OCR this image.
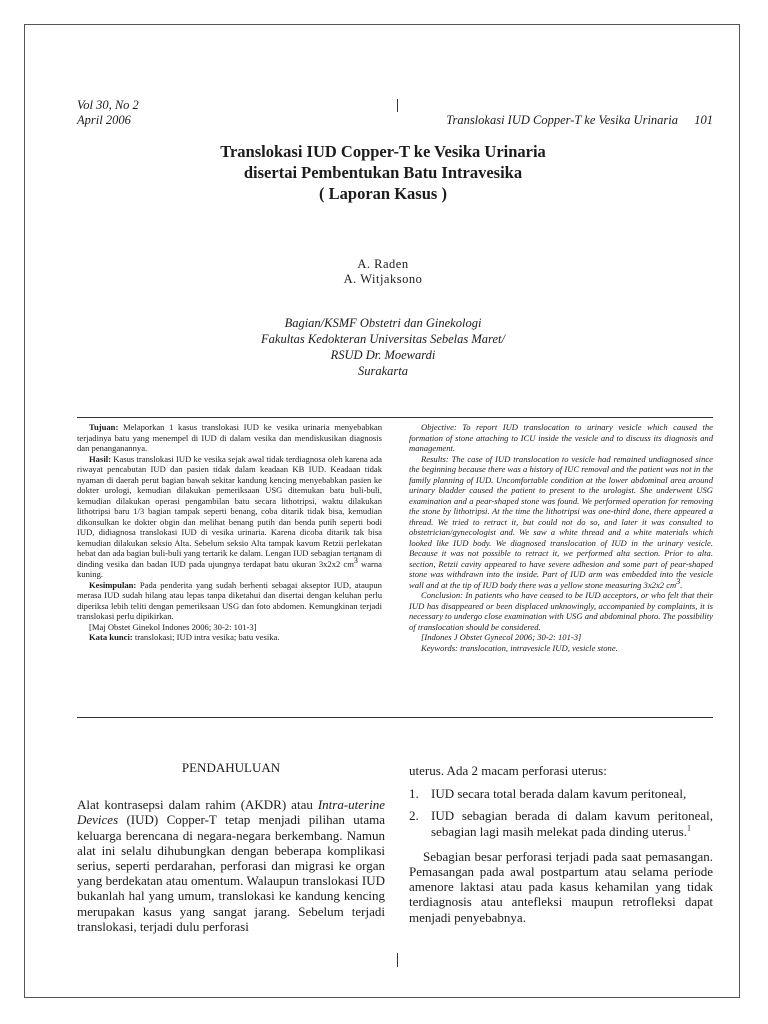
Vol 30, No 2
April 2006	Translokasi IUD Copper-T ke Vesika Urinaria 101
Translokasi IUD Copper-T ke Vesika Urinaria
disertai Pembentukan Batu Intravesika
( Laporan Kasus )
A. Raden
A. Witjaksono
Bagian/KSMF Obstetri dan Ginekologi
Fakultas Kedokteran Universitas Sebelas Maret/
RSUD Dr. Moewardi
Surakarta

Tujuan: Melaporkan 1 kasus translokasi IUD ke vesika urinaria menyebabkan terjadinya batu yang menempel di IUD di dalam vesika dan mendiskusikan diagnosis dan penanganannya.

Hasil: Kasus translokasi IUD ke vesika sejak awal tidak terdiagnosa oleh karena ada riwayat pencabutan IUD dan pasien tidak dalam keadaan KB IUD. Keadaan tidak nyaman di daerah perut bagian bawah sekitar kandung kencing menyebabkan pasien ke dokter urologi, kemudian dilakukan pemeriksaan USG ditemukan batu buli-buli, kemudian dilakukan operasi pengambilan batu secara lithotripsi, waktu dilakukan lithotripsi baru 1/3 bagian tampak seperti benang, coba ditarik tidak bisa, kemudian dikonsulkan ke dokter obgin dan melihat benang putih dan benda putih seperti bodi IUD, didiagnosa translokasi IUD di vesika urinaria. Karena dicoba ditarik tak bisa kemudian dilakukan seksio Alta. Sebelum seksio Alta tampak kavum Retzii perlekatan hebat dan ada bagian buli-buli yang tertarik ke dalam. Lengan IUD sebagian tertanam di dinding vesika dan badan IUD pada ujungnya terdapat batu ukuran 3x2x2 $cm^3$ warna kuning.

Kesimpulan: Pada penderita yang sudah berhenti sebagai akseptor IUD, ataupun merasa IUD sudah hilang atau lepas tanpa diketahui dan disertai dengan keluhan perlu diperiksa lebih teliti dengan pemeriksaan USG dan foto abdomen. Kemungkinan terjadi translokasi perlu dipikirkan.

[Maj Obstet Ginekol Indones 2006; 30-2: 101-3]

Kata kunci: translokasi; IUD intra vesika; batu vesika.

Objective: To report IUD translocation to urinary vesicle which caused the formation of stone attaching to ICU inside the vesicle and to discuss its diagnosis and management.

Results: The case of IUD translocation to vesicle had remained undiagnosed since the beginning because there was a history of IUC removal and the patient was not in the family planning of IUD. Uncomfortable condition at the lower abdominal area around urinary bladder caused the patient to present to the urologist. She underwent USG examination and a pear-shaped stone was found. We performed operation for removing the stone by lithotripsi. At the time the lithotripsi was one-third done, there appeared a thread. We tried to retract it, but could not do so, and later it was consulted to obstetrician/gynecologist and. We saw a white thread and a white materials which looked like IUD body. We diagnosed translocation of IUD in the urinary vesicle. Because it was not possible to retract it, we performed alta section. Prior to alta. section, Retzii cavity appeared to have severe adhesion and some part of pear-shaped stone was withdrawn into the inside. Part of IUD arm was embedded into the vesicle wall and at the tip of IUD body there was a yellow stone measuring 3x2x2 $cm^3$.

Conclusion: In patients who have ceased to be IUD acceptors, or who felt that their IUD has disappeared or been displaced unknowingly, accompanied by complaints, it is necessary to undergo close examination with USG and abdominal photo. The possibility of translocation should be considered.

[Indones J Obstet Gynecol 2006; 30-2: 101-3]

Keywords: translocation, intravesicle IUD, vesicle stone.

PENDAHULUAN

Alat kontrasepsi dalam rahim (AKDR) atau Intra-uterine Devices (IUD) Copper-T tetap menjadi pilihan utama keluarga berencana di negara-negara berkembang. Namun alat ini selalu dihubungkan dengan beberapa komplikasi serius, seperti perdarahan, perforasi dan migrasi ke organ yang berdekatan atau omentum. Walaupun translokasi IUD bukanlah hal yang umum, translokasi ke kandung kencing merupakan kasus yang sangat jarang. Sebelum terjadi translokasi, terjadi dulu perforasi

uterus. Ada 2 macam perforasi uterus:

1. IUD secara total berada dalam kavum peritoneal,
2. IUD sebagian berada di dalam kavum peritoneal, sebagian lagi masih melekat pada dinding uterus.$^1$

Sebagian besar perforasi terjadi pada saat pemasangan. Pemasangan pada awal postpartum atau selama periode amenore laktasi atau pada kasus kehamilan yang tidak terdiagnosis atau antefleksi maupun retrofleksi dapat menjadi penyebabnya.
